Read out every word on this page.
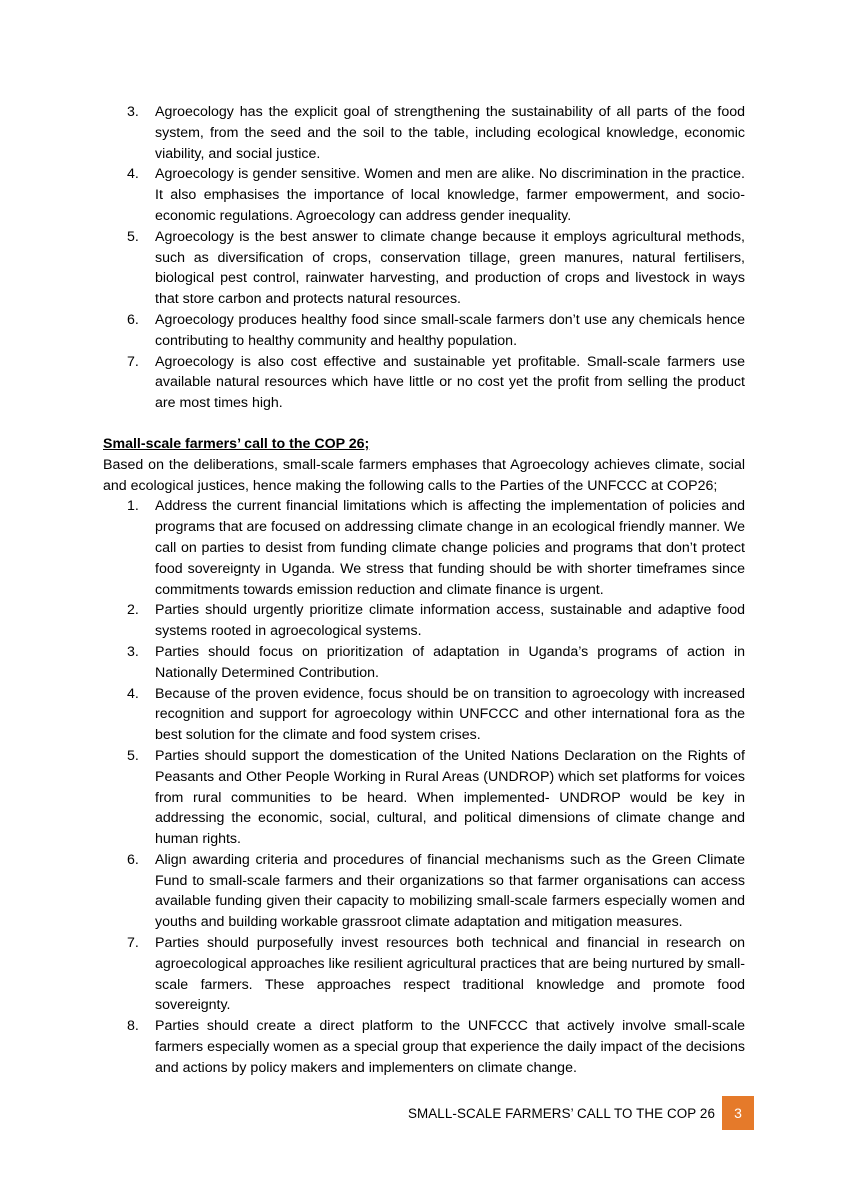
3. Agroecology has the explicit goal of strengthening the sustainability of all parts of the food system, from the seed and the soil to the table, including ecological knowledge, economic viability, and social justice.
4. Agroecology is gender sensitive. Women and men are alike. No discrimination in the practice. It also emphasises the importance of local knowledge, farmer empowerment, and socio-economic regulations. Agroecology can address gender inequality.
5. Agroecology is the best answer to climate change because it employs agricultural methods, such as diversification of crops, conservation tillage, green manures, natural fertilisers, biological pest control, rainwater harvesting, and production of crops and livestock in ways that store carbon and protects natural resources.
6. Agroecology produces healthy food since small-scale farmers don’t use any chemicals hence contributing to healthy community and healthy population.
7. Agroecology is also cost effective and sustainable yet profitable. Small-scale farmers use available natural resources which have little or no cost yet the profit from selling the product are most times high.
Small-scale farmers’ call to the COP 26;
Based on the deliberations, small-scale farmers emphases that Agroecology achieves climate, social and ecological justices, hence making the following calls to the Parties of the UNFCCC at COP26;
1. Address the current financial limitations which is affecting the implementation of policies and programs that are focused on addressing climate change in an ecological friendly manner. We call on parties to desist from funding climate change policies and programs that don’t protect food sovereignty in Uganda. We stress that funding should be with shorter timeframes since commitments towards emission reduction and climate finance is urgent.
2. Parties should urgently prioritize climate information access, sustainable and adaptive food systems rooted in agroecological systems.
3. Parties should focus on prioritization of adaptation in Uganda’s programs of action in Nationally Determined Contribution.
4. Because of the proven evidence, focus should be on transition to agroecology with increased recognition and support for agroecology within UNFCCC and other international fora as the best solution for the climate and food system crises.
5. Parties should support the domestication of the United Nations Declaration on the Rights of Peasants and Other People Working in Rural Areas (UNDROP) which set platforms for voices from rural communities to be heard. When implemented- UNDROP would be key in addressing the economic, social, cultural, and political dimensions of climate change and human rights.
6. Align awarding criteria and procedures of financial mechanisms such as the Green Climate Fund to small-scale farmers and their organizations so that farmer organisations can access available funding given their capacity to mobilizing small-scale farmers especially women and youths and building workable grassroot climate adaptation and mitigation measures.
7. Parties should purposefully invest resources both technical and financial in research on agroecological approaches like resilient agricultural practices that are being nurtured by small-scale farmers. These approaches respect traditional knowledge and promote food sovereignty.
8. Parties should create a direct platform to the UNFCCC that actively involve small-scale farmers especially women as a special group that experience the daily impact of the decisions and actions by policy makers and implementers on climate change.
SMALL-SCALE FARMERS’ CALL TO THE COP 26	3
